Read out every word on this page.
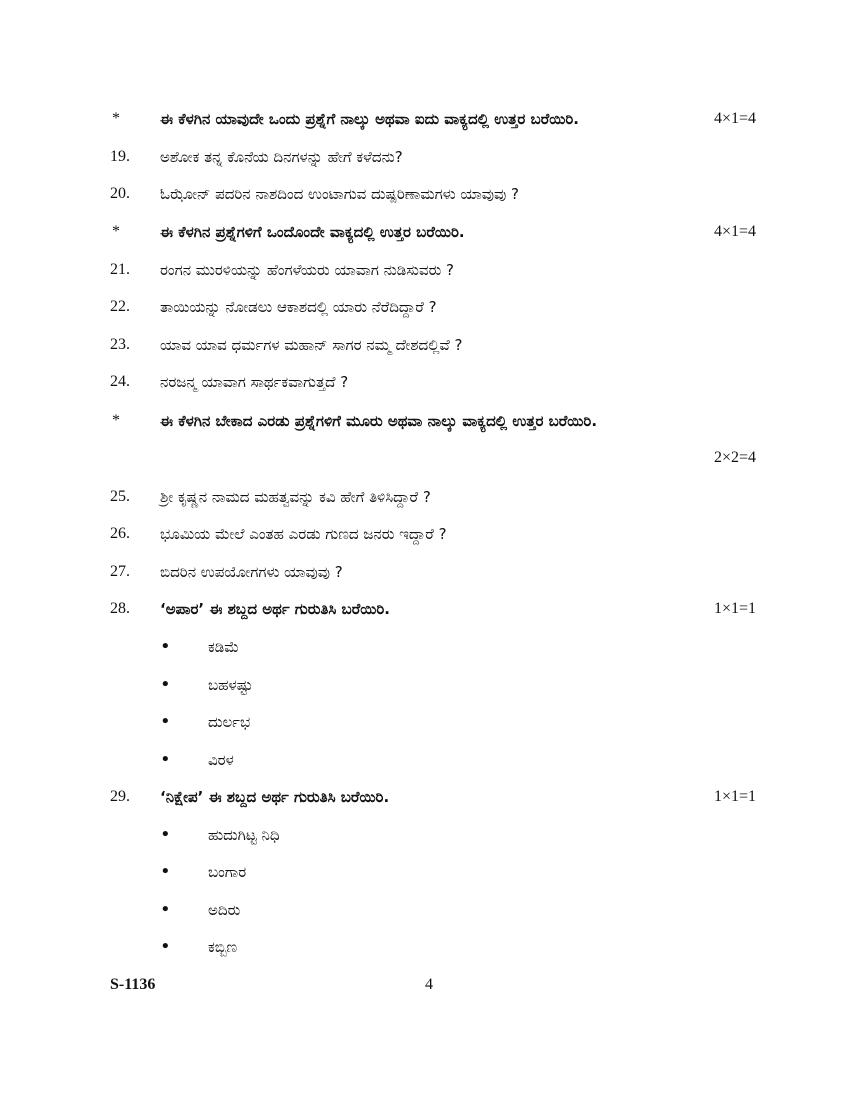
*	ಈ ಕೆಳಗಿನ ಯಾವುದೇ ಒಂದು ಪ್ರಶ್ನೆಗೆ ನಾಲ್ಕು ಅಥವಾ ಐದು ವಾಕ್ಯದಲ್ಲಿ ಉತ್ತರ ಬರೆಯಿರಿ.	4×1=4
19. ಅಶೋಕ ತನ್ನ ಕೊನೆಯ ದಿನಗಳನ್ನು ಹೇಗೆ ಕಳೆದನು?
20. ಓಝೋನ್ ಪದರಿನ ನಾಶದಿಂದ ಉಂಟಾಗುವ ದುಷ್ಪರಿಣಾಮಗಳು ಯಾವುವು ?
*	ಈ ಕೆಳಗಿನ ಪ್ರಶ್ನೆಗಳಿಗೆ ಒಂದೊಂದೇ ವಾಕ್ಯದಲ್ಲಿ ಉತ್ತರ ಬರೆಯಿರಿ.	4×1=4
21. ರಂಗನ ಮುರಳಿಯನ್ನು ಹೆಂಗಳೆಯರು ಯಾವಾಗ ನುಡಿಸುವರು ?
22. ತಾಯಿಯನ್ನು ನೋಡಲು ಆಕಾಶದಲ್ಲಿ ಯಾರು ನೆರೆದಿದ್ದಾರೆ ?
23. ಯಾವ ಯಾವ ಧರ್ಮಗಳ ಮಹಾನ್ ಸಾಗರ ನಮ್ಮ ದೇಶದಲ್ಲಿವೆ ?
24. ನರಜನ್ಮ ಯಾವಾಗ ಸಾರ್ಥಕವಾಗುತ್ತದೆ ?
*	ಈ ಕೆಳಗಿನ ಬೇಕಾದ ಎರಡು ಪ್ರಶ್ನೆಗಳಿಗೆ ಮೂರು ಅಥವಾ ನಾಲ್ಕು ವಾಕ್ಯದಲ್ಲಿ ಉತ್ತರ ಬರೆಯಿರಿ.
2×2=4
25. ಶ್ರೀ ಕೃಷ್ಣನ ನಾಮದ ಮಹತ್ವವನ್ನು ಕವಿ ಹೇಗೆ ತಿಳಿಸಿದ್ದಾರೆ ?
26. ಭೂಮಿಯ ಮೇಲೆ ಎಂತಹ ಎರಡು ಗುಣದ ಜನರು ಇದ್ದಾರೆ ?
27. ಬಿದರಿನ ಉಪಯೋಗಗಳು ಯಾವುವು ?
28. ‘ಅಪಾರ’ ಈ ಶಬ್ದದ ಅರ್ಥ ಗುರುತಿಸಿ ಬರೆಯಿರಿ.	1×1=1
• ಕಡಿಮೆ
• ಬಹಳಷ್ಟು
• ದುರ್ಲಭ
• ವಿರಳ
29. ‘ನಿಕ್ಷೇಪ’ ಈ ಶಬ್ದದ ಅರ್ಥ ಗುರುತಿಸಿ ಬರೆಯಿರಿ.	1×1=1
• ಹುದುಗಿಟ್ಟ ನಿಧಿ
• ಬಂಗಾರ
• ಅದಿರು
• ಕಬ್ಬಿಣ
S-1136	4
